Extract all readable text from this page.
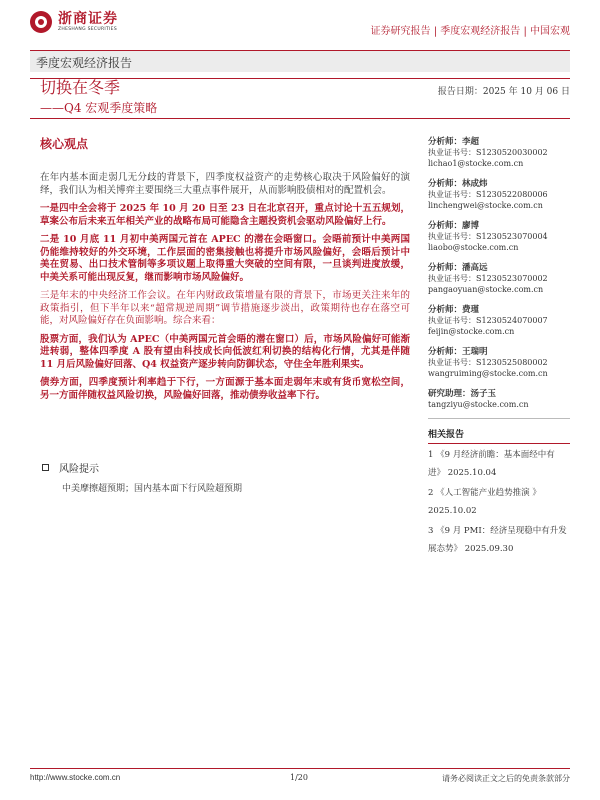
浙商证券
ZHESHANG SECURITIES	证券研究报告 | 季度宏观经济报告 | 中国宏观
季度宏观经济报告
报告日期：2025 年 10 月 06 日
切换在冬季
——Q4 宏观季度策略
核心观点

在年内基本面走弱几无分歧的背景下，四季度权益资产的走势核心取决于风险偏好的演绎，我们认为相关博弈主要围绕三大重点事件展开，从而影响股债相对的配置机会。

一是四中全会将于 2025 年 10 月 20 日至 23 日在北京召开，重点讨论十五五规划，草案公布后未来五年相关产业的战略布局可能隐含主题投资机会驱动风险偏好上行。

二是 10 月底 11 月初中美两国元首在 APEC 的潜在会晤窗口。会晤前预计中美两国仍能维持较好的外交环境，工作层面的密集接触也将提升市场风险偏好，会晤后预计中美在贸易、出口技术管制等多项议题上取得重大突破的空间有限，一旦谈判进度放缓，中美关系可能出现反复，继而影响市场风险偏好。

三是年末的中央经济工作会议。在年内财政政策增量有限的背景下，市场更关注来年的政策指引，但下半年以来“超常规逆周期”调节措施逐步淡出，政策期待也存在落空可能，对风险偏好存在负面影响。综合来看：

股票方面，我们认为 APEC（中美两国元首会晤的潜在窗口）后，市场风险偏好可能渐进转弱，整体四季度 A 股有望由科技成长向低波红利切换的结构化行情，尤其是伴随 11 月后风险偏好回落、Q4 权益资产逐步转向防御状态，守住全年胜利果实。

债券方面，四季度预计利率趋于下行，一方面源于基本面走弱年末或有货币宽松空间，另一方面伴随权益风险切换，风险偏好回落，推动债券收益率下行。

风险提示
中美摩擦超预期；国内基本面下行风险超预期
分析师：李超
执业证书号：S1230520030002
lichao1@stocke.com.cn
分析师：林成炜
执业证书号：S1230522080006
linchengwei@stocke.com.cn
分析师：廖博
执业证书号：S1230523070004
liaobo@stocke.com.cn
分析师：潘高远
执业证书号：S1230523070002
pangaoyuan@stocke.com.cn
分析师：费瑾
执业证书号：S1230524070007
feijin@stocke.com.cn
分析师：王瑞明
执业证书号：S1230525080002
wangruiming@stocke.com.cn
研究助理：汤子玉
tangziyu@stocke.com.cn
相关报告
1 《9 月经济前瞻：基本面经中有进》 2025.10.04
2 《人工智能产业趋势推演 》 2025.10.02
3 《9 月 PMI：经济呈现稳中有升发展态势》 2025.09.30
http://www.stocke.com.cn	1/20	请务必阅读正文之后的免责条款部分
